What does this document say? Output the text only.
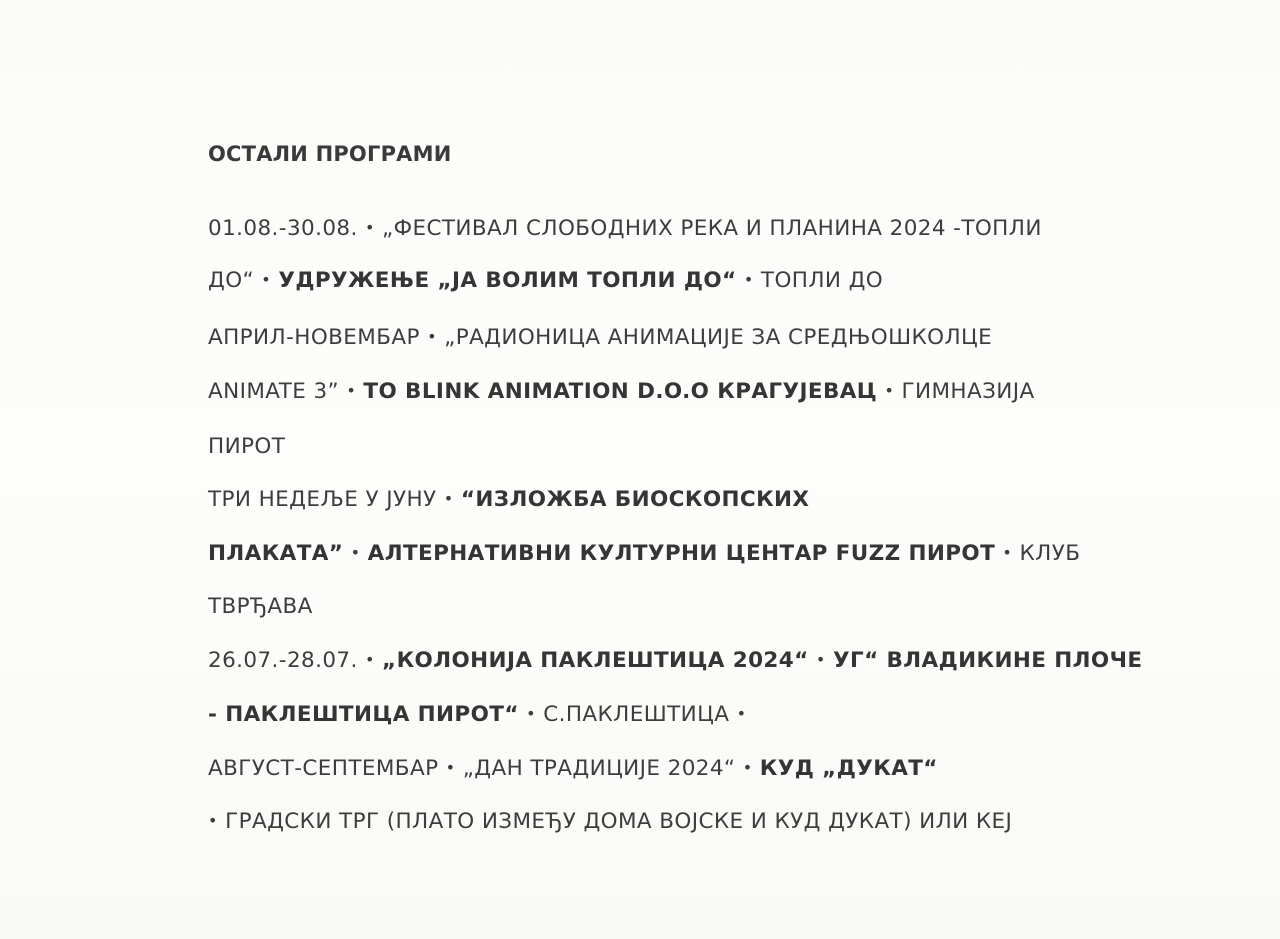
ОСТАЛИ ПРОГРАМИ
01.08.-30.08. • „ФЕСТИВАЛ СЛОБОДНИХ РЕКА И ПЛАНИНА 2024 -ТОПЛИ
ДО“ • УДРУЖЕЊЕ „ЈА ВОЛИМ ТОПЛИ ДО“ • ТОПЛИ ДО
АПРИЛ-НОВЕМБАР • „РАДИОНИЦА АНИМАЦИЈЕ ЗА СРЕДЊОШКОЛЦЕ
ANIMATE 3” • TO BLINK ANIMATION D.O.O КРАГУЈЕВАЦ • ГИМНАЗИЈА
ПИРОТ
ТРИ НЕДЕЉЕ У ЈУНУ • “ИЗЛОЖБА БИОСКОПСКИХ
ПЛАКАТА” • АЛТЕРНАТИВНИ КУЛТУРНИ ЦЕНТАР FUZZ ПИРОТ • КЛУБ
ТВРЂАВА
26.07.-28.07. • „КОЛОНИЈА ПАКЛЕШТИЦА 2024“ • УГ“ ВЛАДИКИНЕ ПЛОЧЕ
- ПАКЛЕШТИЦА ПИРОТ“ • С.ПАКЛЕШТИЦА •
АВГУСТ-СЕПТЕМБАР • „ДАН ТРАДИЦИЈЕ 2024“ • КУД „ДУКАТ“
• ГРАДСКИ ТРГ (ПЛАТО ИЗМЕЂУ ДОМА ВОЈСКЕ И КУД ДУКАТ) ИЛИ КЕЈ
